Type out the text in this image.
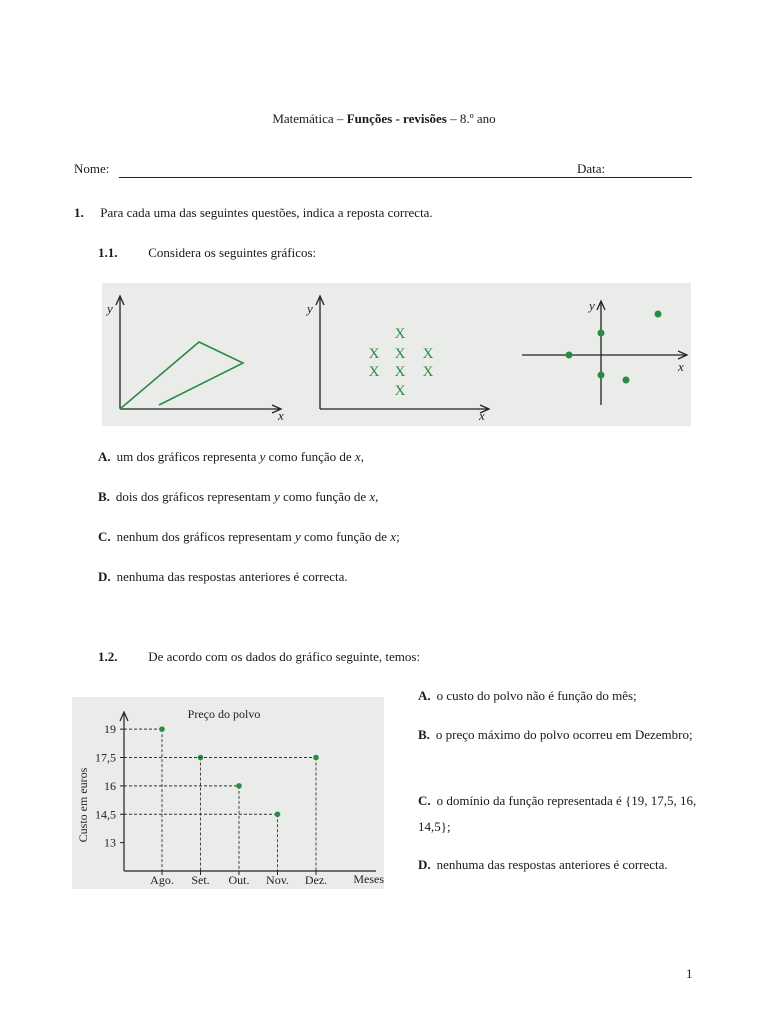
Matemática – Funções - revisões – 8.º ano
Nome:	Data:
1. Para cada uma das seguintes questões, indica a reposta correcta.
1.1. Considera os seguintes gráficos:
y
x
y
x
X
X X X
X X X
X
y
x
A. um dos gráficos representa y como função de x,
B. dois dos gráficos representam y como função de x,
C. nenhum dos gráficos representam y como função de x;
D. nenhuma das respostas anteriores é correcta.
1.2. De acordo com os dados do gráfico seguinte, temos:
Preço do polvo
Custo em euros
Meses
19
17,5
16
14,5
13
Ago. Set. Out. Nov. Dez.
A. o custo do polvo não é função do mês;
B. o preço máximo do polvo ocorreu em Dezembro;
C. o domínio da função representada é {19, 17,5, 16, 14,5};
D. nenhuma das respostas anteriores é correcta.
1
